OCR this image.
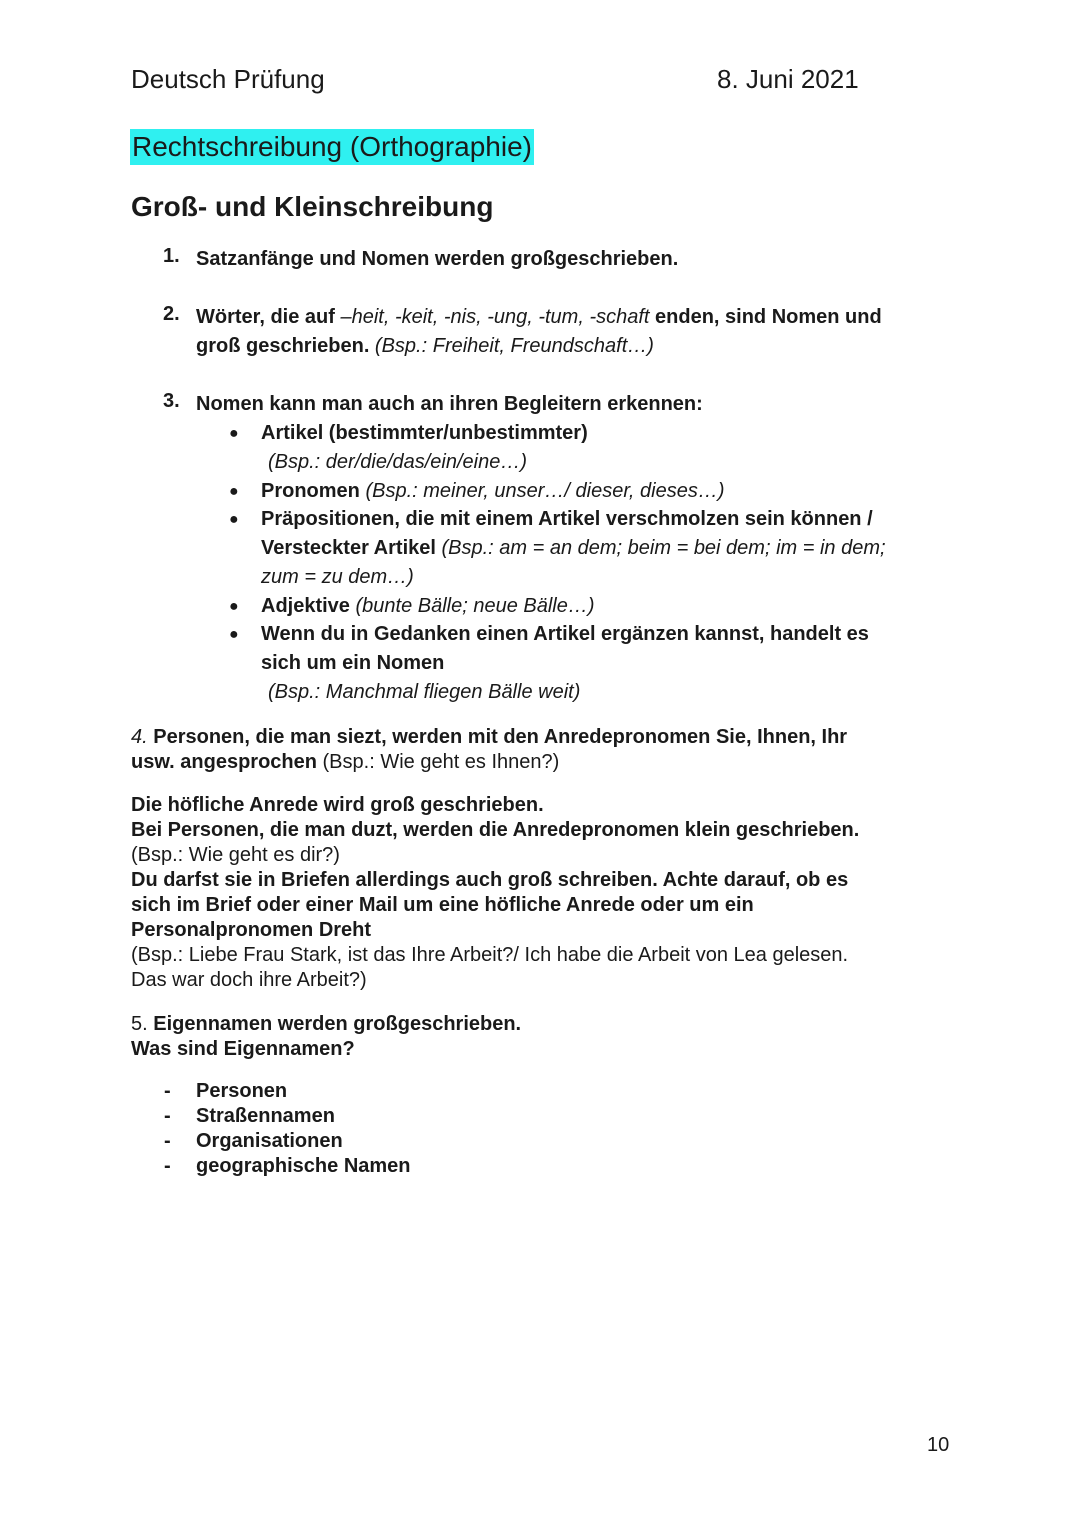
Deutsch Prüfung	8. Juni 2021
Rechtschreibung (Orthographie)
Groß- und Kleinschreibung
1. Satzanfänge und Nomen werden großgeschrieben.
2. Wörter, die auf –heit, -keit, -nis, -ung, -tum, -schaft enden, sind Nomen und
groß geschrieben. (Bsp.: Freiheit, Freundschaft…)
3. Nomen kann man auch an ihren Begleitern erkennen:
● Artikel (bestimmter/unbestimmter)
(Bsp.: der/die/das/ein/eine…)
● Pronomen (Bsp.: meiner, unser…/ dieser, dieses…)
● Präpositionen, die mit einem Artikel verschmolzen sein können /
Versteckter Artikel (Bsp.: am = an dem; beim = bei dem; im = in dem;
zum = zu dem…)
● Adjektive (bunte Bälle; neue Bälle…)
● Wenn du in Gedanken einen Artikel ergänzen kannst, handelt es
sich um ein Nomen
(Bsp.: Manchmal fliegen Bälle weit)
4. Personen, die man siezt, werden mit den Anredepronomen Sie, Ihnen, Ihr
usw. angesprochen (Bsp.: Wie geht es Ihnen?)
Die höfliche Anrede wird groß geschrieben.
Bei Personen, die man duzt, werden die Anredepronomen klein geschrieben.
(Bsp.: Wie geht es dir?)
Du darfst sie in Briefen allerdings auch groß schreiben. Achte darauf, ob es
sich im Brief oder einer Mail um eine höfliche Anrede oder um ein
Personalpronomen Dreht
(Bsp.: Liebe Frau Stark, ist das Ihre Arbeit?/ Ich habe die Arbeit von Lea gelesen.
Das war doch ihre Arbeit?)
5. Eigennamen werden großgeschrieben.
Was sind Eigennamen?
- Personen
- Straßennamen
- Organisationen
- geographische Namen
10
